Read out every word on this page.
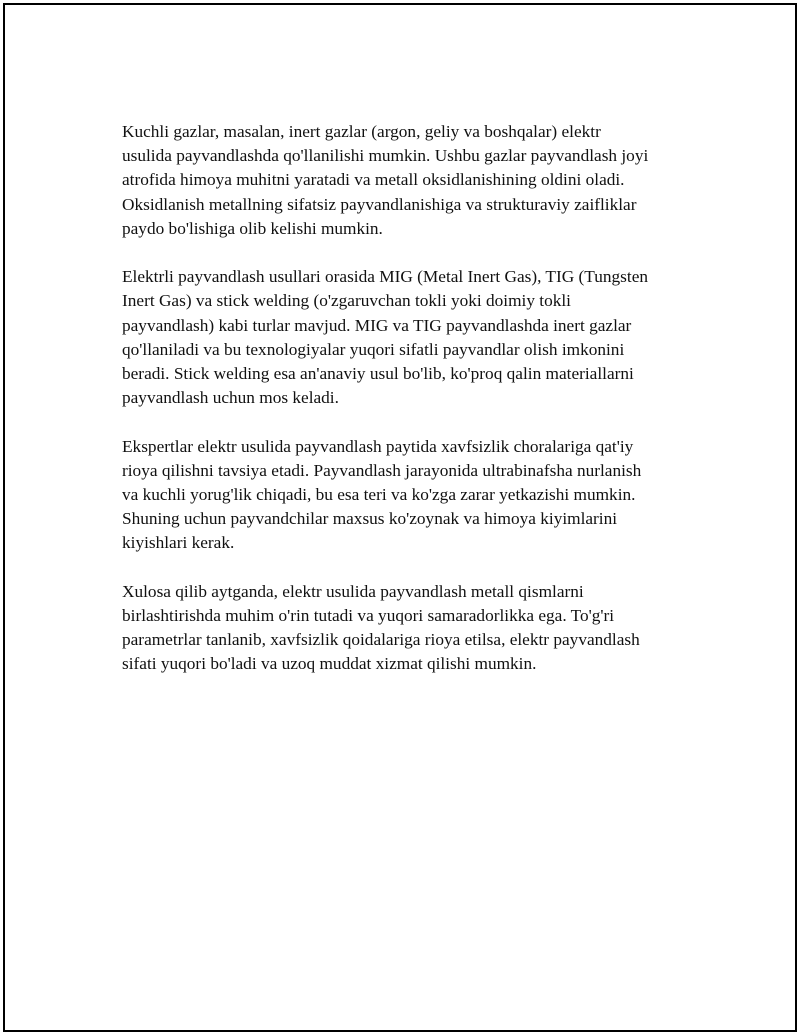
Kuchli gazlar, masalan, inert gazlar (argon, geliy va boshqalar) elektr
usulida payvandlashda qo'llanilishi mumkin. Ushbu gazlar payvandlash joyi
atrofida himoya muhitni yaratadi va metall oksidlanishining oldini oladi.
Oksidlanish metallning sifatsiz payvandlanishiga va strukturaviy zaifliklar
paydo bo'lishiga olib kelishi mumkin.

Elektrli payvandlash usullari orasida MIG (Metal Inert Gas), TIG (Tungsten
Inert Gas) va stick welding (o'zgaruvchan tokli yoki doimiy tokli
payvandlash) kabi turlar mavjud. MIG va TIG payvandlashda inert gazlar
qo'llaniladi va bu texnologiyalar yuqori sifatli payvandlar olish imkonini
beradi. Stick welding esa an'anaviy usul bo'lib, ko'proq qalin materiallarni
payvandlash uchun mos keladi.

Ekspertlar elektr usulida payvandlash paytida xavfsizlik choralariga qat'iy
rioya qilishni tavsiya etadi. Payvandlash jarayonida ultrabinafsha nurlanish
va kuchli yorug'lik chiqadi, bu esa teri va ko'zga zarar yetkazishi mumkin.
Shuning uchun payvandchilar maxsus ko'zoynak va himoya kiyimlarini
kiyishlari kerak.

Xulosa qilib aytganda, elektr usulida payvandlash metall qismlarni
birlashtirishda muhim o'rin tutadi va yuqori samaradorlikka ega. To'g'ri
parametrlar tanlanib, xavfsizlik qoidalariga rioya etilsa, elektr payvandlash
sifati yuqori bo'ladi va uzoq muddat xizmat qilishi mumkin.
